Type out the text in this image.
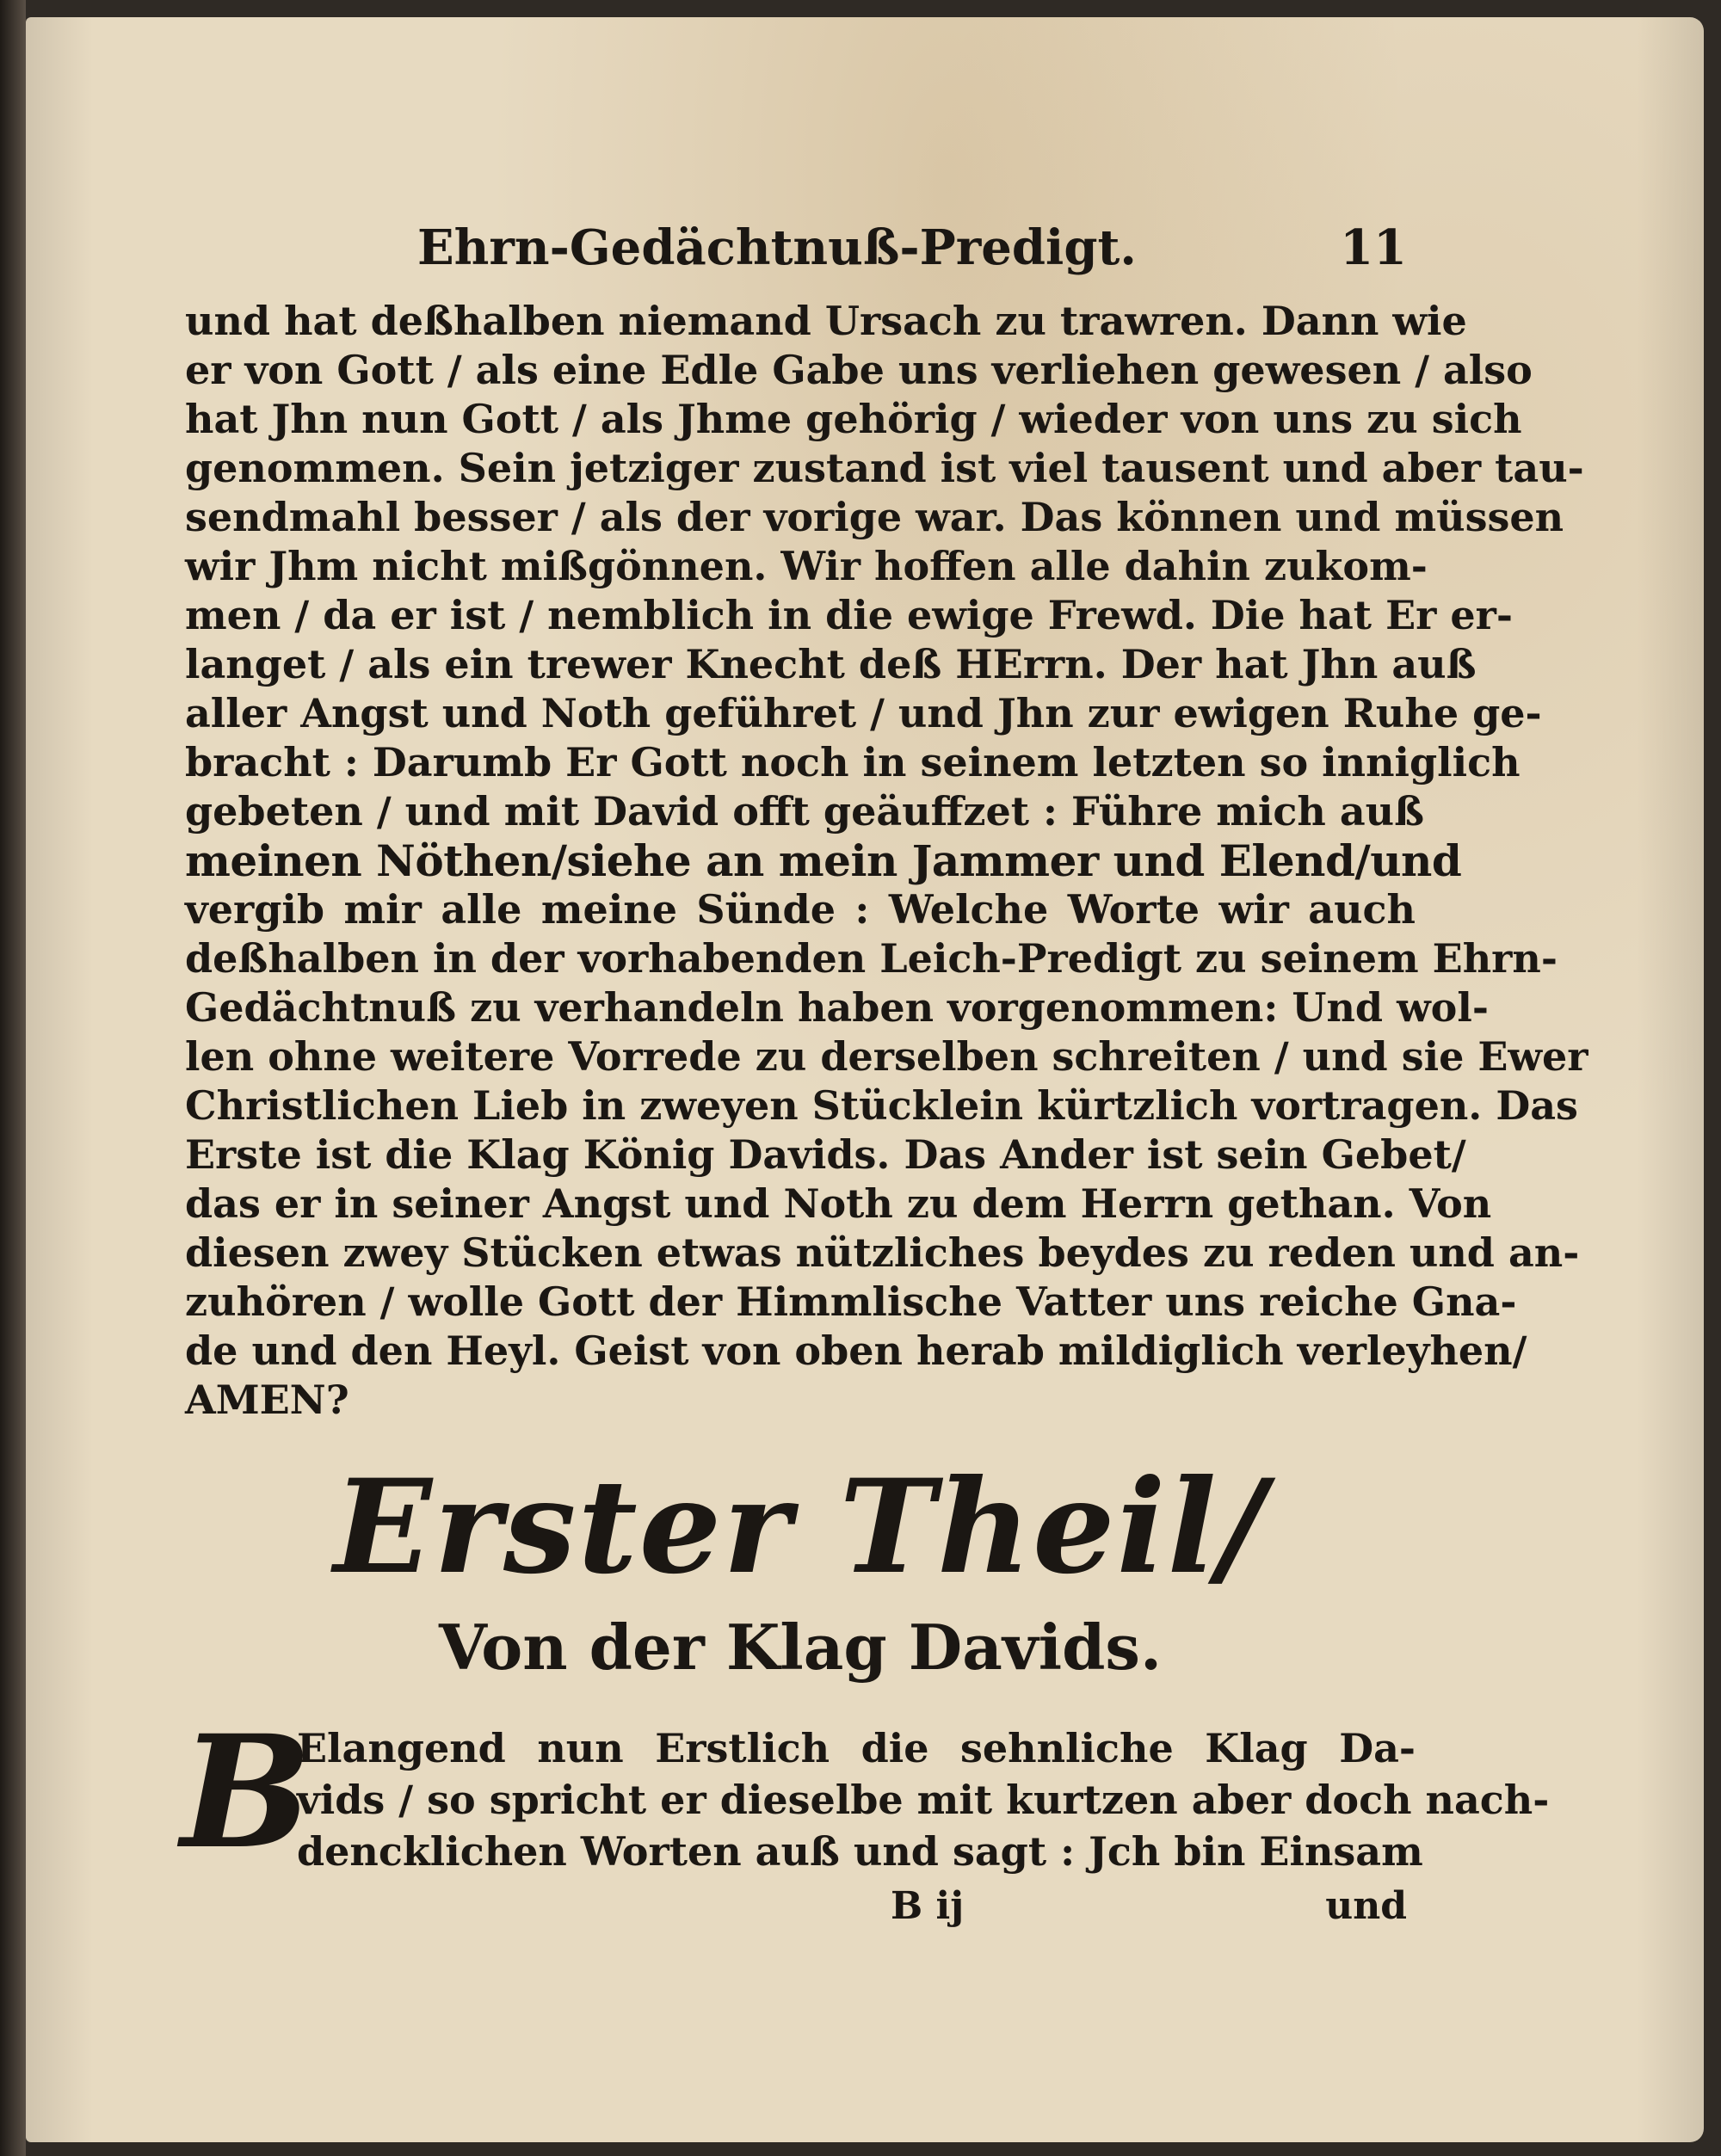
Ehrn-Gedächtnuß-Predigt.	11
und hat deßhalben niemand Ursach zu trawren. Dann wie
er von Gott / als eine Edle Gabe uns verliehen gewesen / also
hat Jhn nun Gott / als Jhme gehörig / wieder von uns zu sich
genommen. Sein jetziger zustand ist viel tausent und aber tau-
sendmahl besser / als der vorige war. Das können und müssen
wir Jhm nicht mißgönnen. Wir hoffen alle dahin zukom-
men / da er ist / nemblich in die ewige Frewd. Die hat Er er-
langet / als ein trewer Knecht deß HErrn. Der hat Jhn auß
aller Angst und Noth geführet / und Jhn zur ewigen Ruhe ge-
bracht : Darumb Er Gott noch in seinem letzten so inniglich
gebeten / und mit David offt geäuffzet : Führe mich auß
meinen Nöthen/siehe an mein Jammer und Elend/und
vergib mir alle meine Sünde : Welche Worte wir auch
deßhalben in der vorhabenden Leich-Predigt zu seinem Ehrn-
Gedächtnuß zu verhandeln haben vorgenommen: Und wol-
len ohne weitere Vorrede zu derselben schreiten / und sie Ewer
Christlichen Lieb in zweyen Stücklein kürtzlich vortragen. Das
Erste ist die Klag König Davids. Das Ander ist sein Gebet/
das er in seiner Angst und Noth zu dem Herrn gethan. Von
diesen zwey Stücken etwas nützliches beydes zu reden und an-
zuhören / wolle Gott der Himmlische Vatter uns reiche Gna-
de und den Heyl. Geist von oben herab mildiglich verleyhen/
AMEN?
Erster Theil/
Von der Klag Davids.
B
Elangend nun Erstlich die sehnliche Klag Da-
vids / so spricht er dieselbe mit kurtzen aber doch nach-
dencklichen Worten auß und sagt : Jch bin Einsam
B ij	und
